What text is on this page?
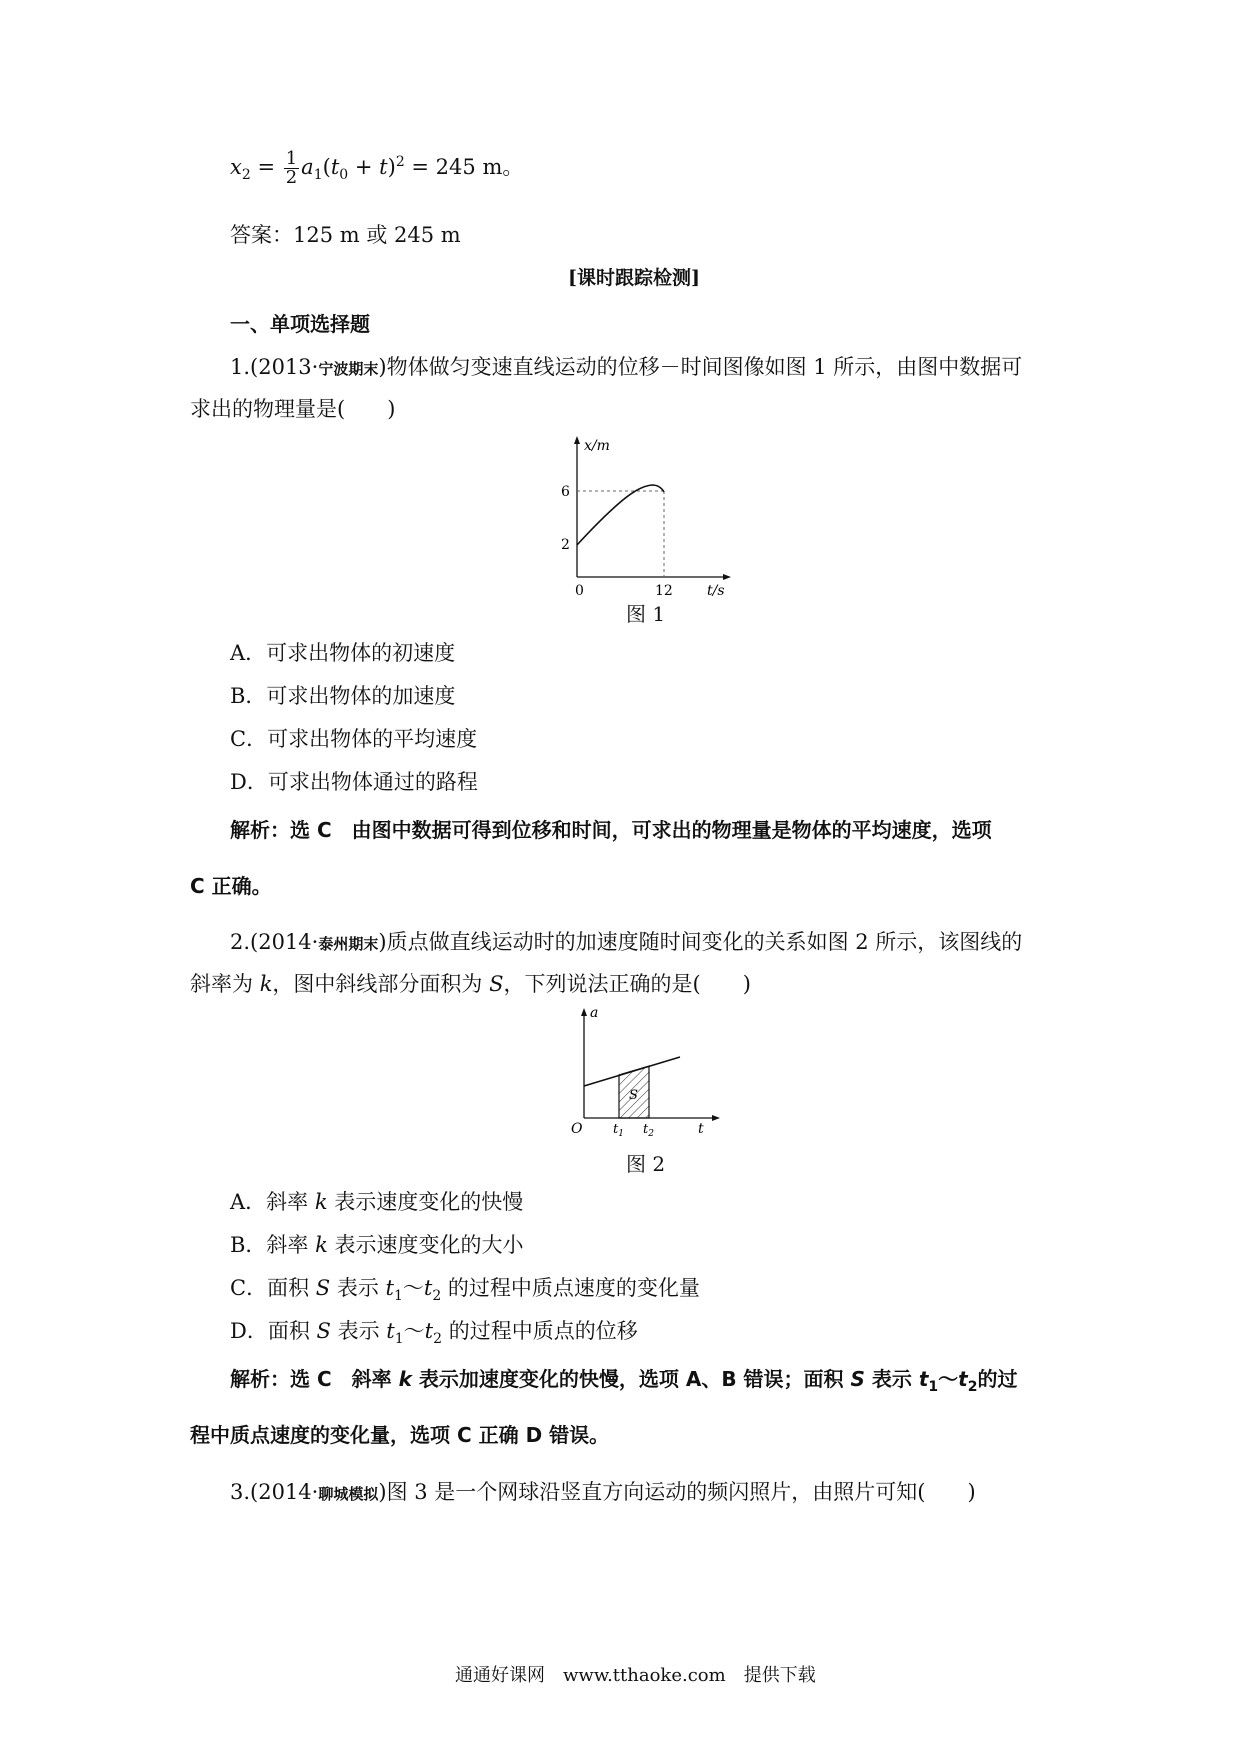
$x_2 = \frac{1}{2} a_1(t_0 + t)^2 = 245$ m。
答案：125 m 或 245 m
[课时跟踪检测]
一、单项选择题
1.(2013·宁波期末)物体做匀变速直线运动的位移－时间图像如图 1 所示，由图中数据可
求出的物理量是(　　)
x/m
6
2
0	12 t/s
图 1
A．可求出物体的初速度
B．可求出物体的加速度
C．可求出物体的平均速度
D．可求出物体通过的路程
解析：选 C　由图中数据可得到位移和时间，可求出的物理量是物体的平均速度，选项
C 正确。
2.(2014·泰州期末)质点做直线运动时的加速度随时间变化的关系如图 2 所示，该图线的
斜率为 k，图中斜线部分面积为 S，下列说法正确的是(　　)
a
S
O $t_1$ $t_2$	t
图 2
A．斜率 k 表示速度变化的快慢
B．斜率 k 表示速度变化的大小
C．面积 S 表示 $t_1\sim t_2$ 的过程中质点速度的变化量
D．面积 S 表示 $t_1\sim t_2$ 的过程中质点的位移
解析：选 C　斜率 k 表示加速度变化的快慢，选项 A、B 错误；面积 S 表示 $t_1\sim t_2$的过
程中质点速度的变化量，选项 C 正确 D 错误。
3.(2014·聊城模拟)图 3 是一个网球沿竖直方向运动的频闪照片，由照片可知(　　)
通通好课网　www.tthaoke.com　提供下载
